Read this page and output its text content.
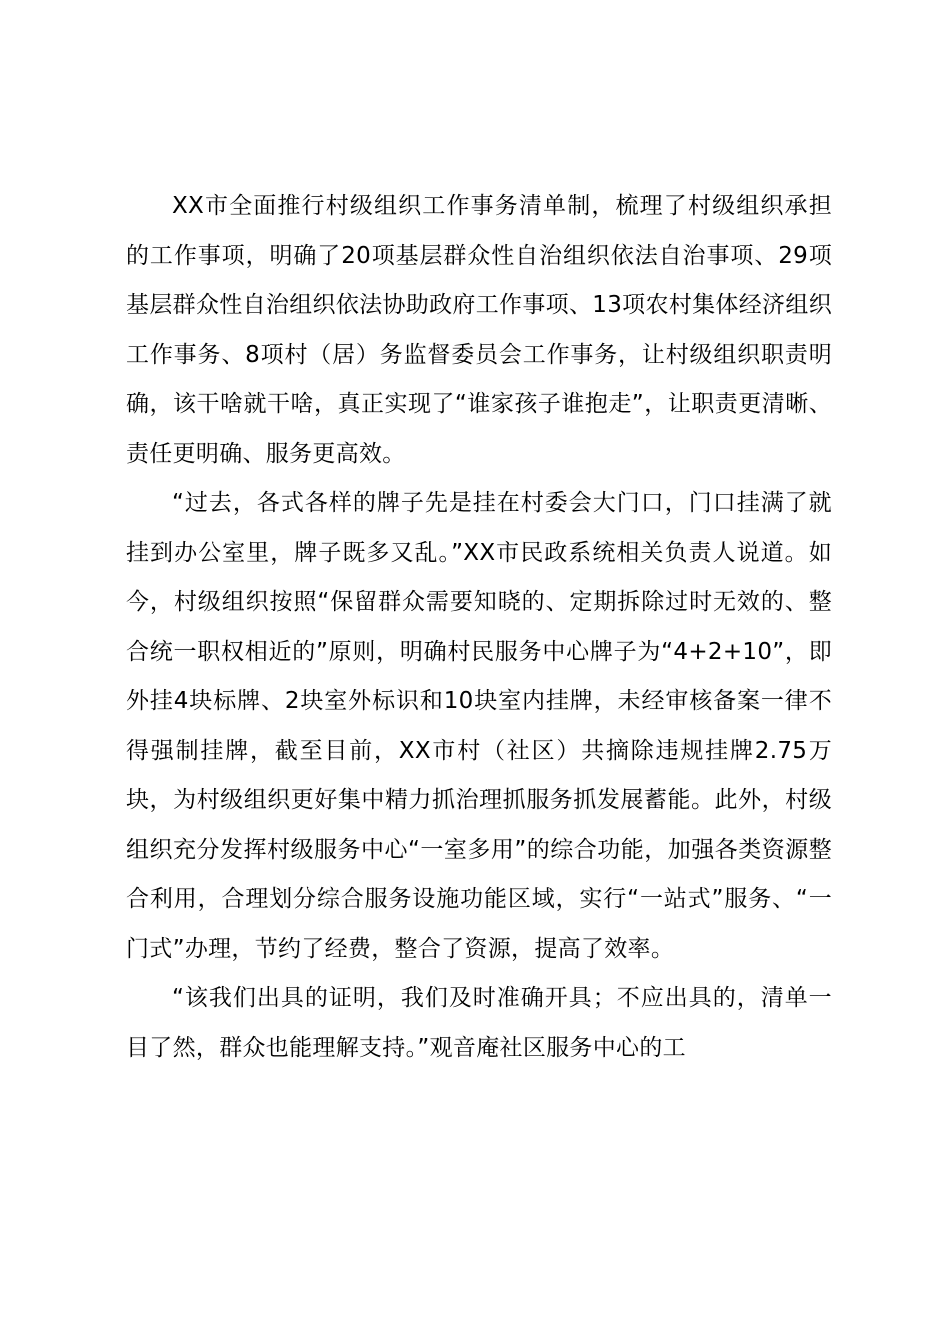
XX市全面推行村级组织工作事务清单制，梳理了村级组织承担的工作事项，明确了20项基层群众性自治组织依法自治事项、29项基层群众性自治组织依法协助政府工作事项、13项农村集体经济组织工作事务、8项村（居）务监督委员会工作事务，让村级组织职责明确，该干啥就干啥，真正实现了“谁家孩子谁抱走”，让职责更清晰、责任更明确、服务更高效。

“过去，各式各样的牌子先是挂在村委会大门口，门口挂满了就挂到办公室里，牌子既多又乱。”XX市民政系统相关负责人说道。如今，村级组织按照“保留群众需要知晓的、定期拆除过时无效的、整合统一职权相近的”原则，明确村民服务中心牌子为“4+2+10”，即外挂4块标牌、2块室外标识和10块室内挂牌，未经审核备案一律不得强制挂牌，截至目前，XX市村（社区）共摘除违规挂牌2.75万块，为村级组织更好集中精力抓治理抓服务抓发展蓄能。此外，村级组织充分发挥村级服务中心“一室多用”的综合功能，加强各类资源整合利用，合理划分综合服务设施功能区域，实行“一站式”服务、“一门式”办理，节约了经费，整合了资源，提高了效率。

“该我们出具的证明，我们及时准确开具；不应出具的，清单一目了然，群众也能理解支持。”观音庵社区服务中心的工
